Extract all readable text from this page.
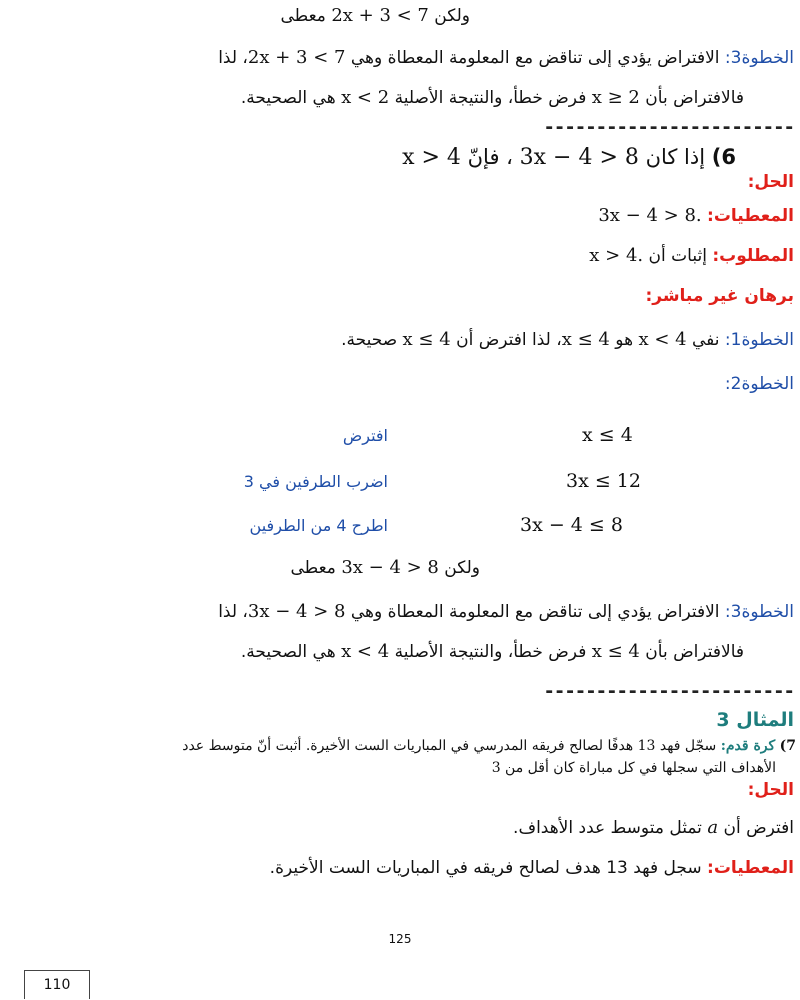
ولكن 2x + 3 < 7 معطى
الخطوة3: الافتراض يؤدي إلى تناقض مع المعلومة المعطاة وهي 2x + 3 < 7، لذا
فالافتراض بأن x ≥ 2 فرض خطأ، والنتيجة الأصلية x < 2 هي الصحيحة.
------------------------
6) إذا كان 3x − 4 > 8 ، فإنّ x > 4
الحل:
المعطيات: 3x − 4 > 8.
المطلوب: إثبات أن x > 4.
برهان غير مباشر:
الخطوة1: نفي x < 4 هو x ≤ 4، لذا افترض أن x ≤ 4 صحيحة.
الخطوة2:
x ≤ 4
افترض
3x ≤ 12
اضرب الطرفين في 3
3x − 4 ≤ 8
اطرح 4 من الطرفين
ولكن 3x − 4 > 8 معطى
الخطوة3: الافتراض يؤدي إلى تناقض مع المعلومة المعطاة وهي 3x − 4 > 8، لذا
فالافتراض بأن x ≤ 4 فرض خطأ، والنتيجة الأصلية x < 4 هي الصحيحة.
------------------------
المثال 3
7) كرة قدم: سجّل فهد 13 هدفًا لصالح فريقه المدرسي في المباريات الست الأخيرة. أثبت أنّ متوسط عدد
الأهداف التي سجلها في كل مباراة كان أقل من 3
الحل:
افترض أن a تمثل متوسط عدد الأهداف.
المعطيات: سجل فهد 13 هدف لصالح فريقه في المباريات الست الأخيرة.
125
110
